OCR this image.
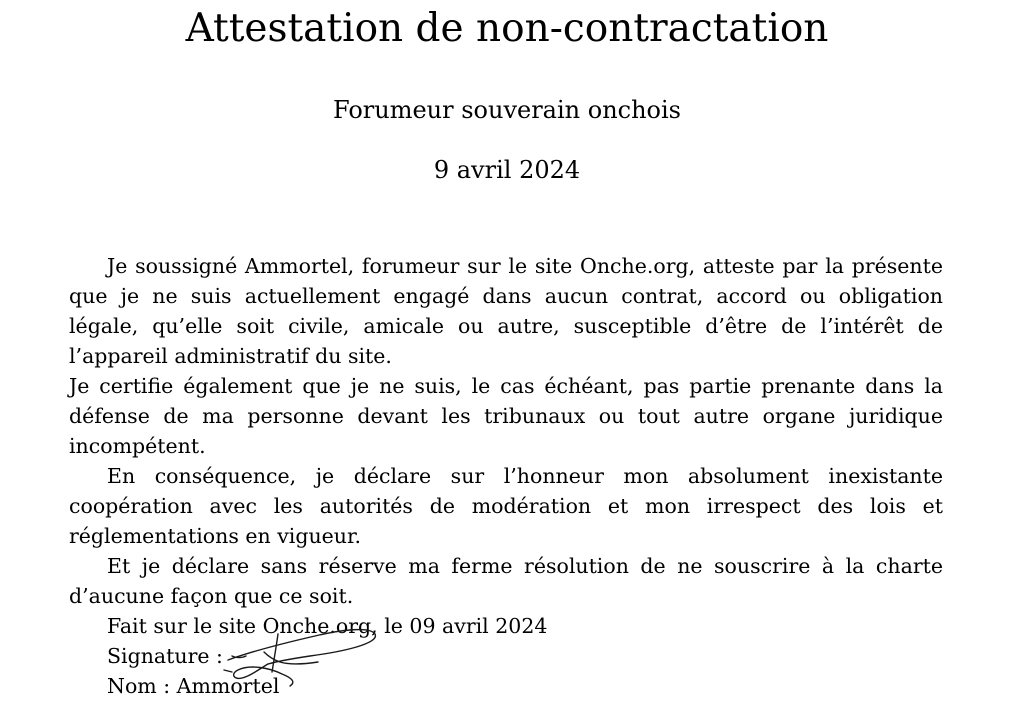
Attestation de non-contractation
Forumeur souverain onchois
9 avril 2024

Je soussigné Ammortel, forumeur sur le site Onche.org, atteste par la présente que je ne suis actuellement engagé dans aucun contrat, accord ou obligation légale, qu’elle soit civile, amicale ou autre, susceptible d’être de l’intérêt de l’appareil administratif du site.

Je certifie également que je ne suis, le cas échéant, pas partie prenante dans la défense de ma personne devant les tribunaux ou tout autre organe juridique incompétent.

En conséquence, je déclare sur l’honneur mon absolument inexistante coopération avec les autorités de modération et mon irrespect des lois et réglementations en vigueur.

Et je déclare sans réserve ma ferme résolution de ne souscrire à la charte d’aucune façon que ce soit.

Fait sur le site Onche.org, le 09 avril 2024
Signature :
Nom : Ammortel
